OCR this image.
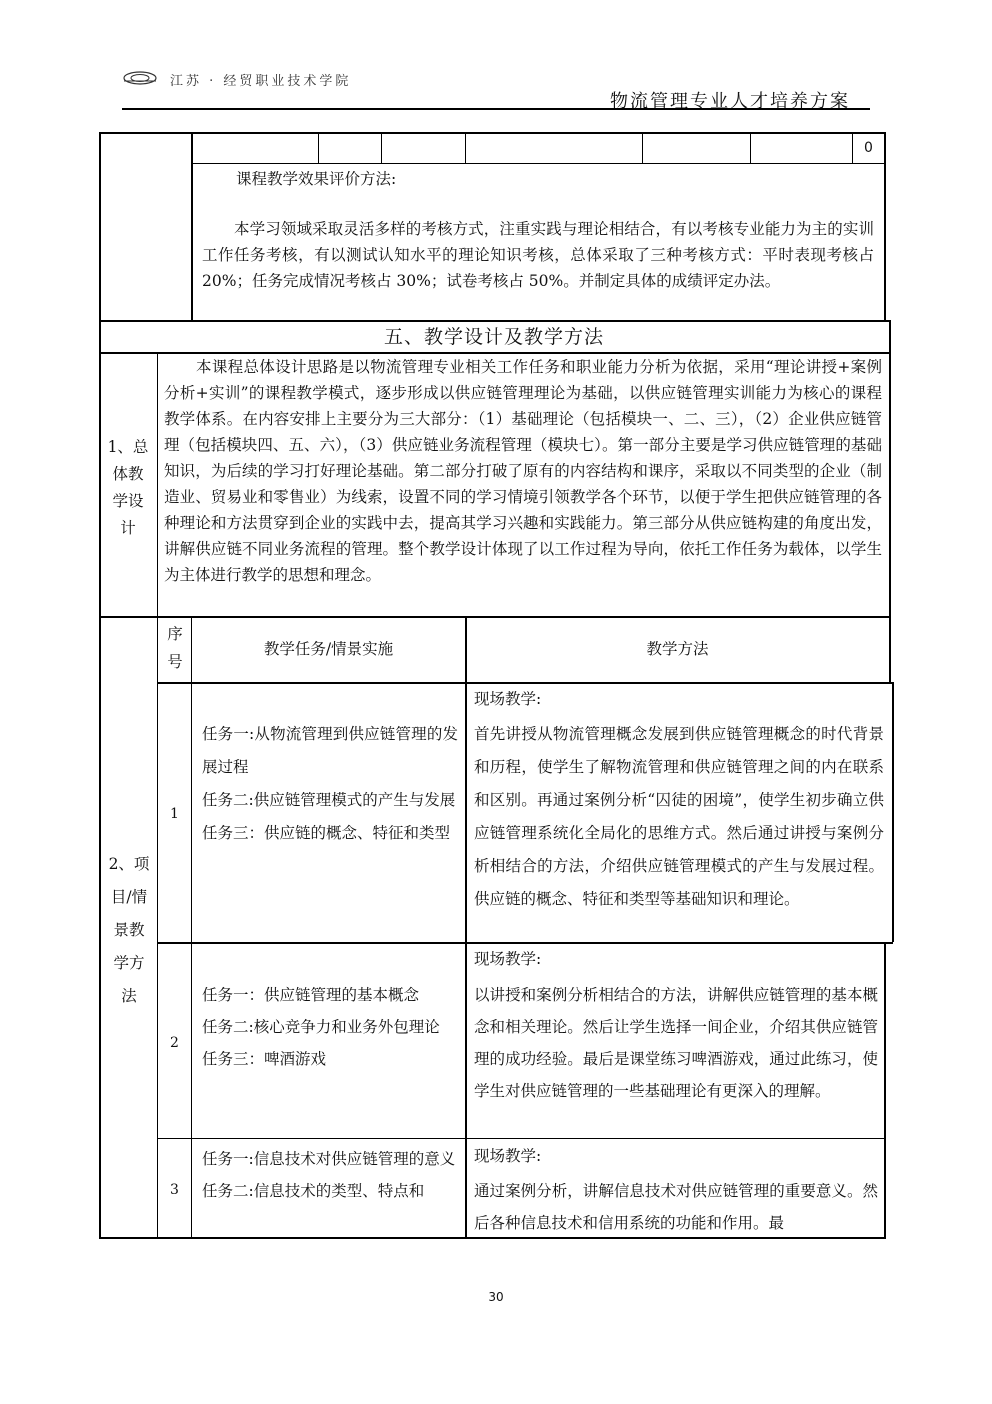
江苏 · 经贸职业技术学院
物流管理专业人才培养方案
0
课程教学效果评价方法:
本学习领域采取灵活多样的考核方式，注重实践与理论相结合，有以考核专业能力为主的实训工作任务考核，有以测试认知水平的理论知识考核，总体采取了三种考核方式：平时表现考核占 20%；任务完成情况考核占 30%；试卷考核占 50%。并制定具体的成绩评定办法。
五、教学设计及教学方法
1、总体教学设计
本课程总体设计思路是以物流管理专业相关工作任务和职业能力分析为依据，采用“理论讲授+案例分析+实训”的课程教学模式，逐步形成以供应链管理理论为基础，以供应链管理实训能力为核心的课程教学体系。在内容安排上主要分为三大部分：（1）基础理论（包括模块一、二、三），（2）企业供应链管理（包括模块四、五、六），（3）供应链业务流程管理（模块七）。第一部分主要是学习供应链管理的基础知识，为后续的学习打好理论基础。第二部分打破了原有的内容结构和课序，采取以不同类型的企业（制造业、贸易业和零售业）为线索，设置不同的学习情境引领教学各个环节，以便于学生把供应链管理的各种理论和方法贯穿到企业的实践中去，提高其学习兴趣和实践能力。第三部分从供应链构建的角度出发，讲解供应链不同业务流程的管理。整个教学设计体现了以工作过程为导向，依托工作任务为载体，以学生为主体进行教学的思想和理念。
2、项目/情景教学方法
序号
教学任务/情景实施	教学方法
1
任务一:从物流管理到供应链管理的发展过程
任务二:供应链管理模式的产生与发展
任务三：供应链的概念、特征和类型
现场教学:
首先讲授从物流管理概念发展到供应链管理概念的时代背景和历程，使学生了解物流管理和供应链管理之间的内在联系和区别。再通过案例分析“囚徒的困境”，使学生初步确立供应链管理系统化全局化的思维方式。然后通过讲授与案例分析相结合的方法，介绍供应链管理模式的产生与发展过程。供应链的概念、特征和类型等基础知识和理论。
2
任务一：供应链管理的基本概念
任务二:核心竞争力和业务外包理论
任务三：啤酒游戏
现场教学:
以讲授和案例分析相结合的方法，讲解供应链管理的基本概念和相关理论。然后让学生选择一间企业，介绍其供应链管理的成功经验。最后是课堂练习啤酒游戏，通过此练习，使学生对供应链管理的一些基础理论有更深入的理解。
3
任务一:信息技术对供应链管理的意义
任务二:信息技术的类型、特点和
现场教学:
通过案例分析，讲解信息技术对供应链管理的重要意义。然后各种信息技术和信用系统的功能和作用。最
30
